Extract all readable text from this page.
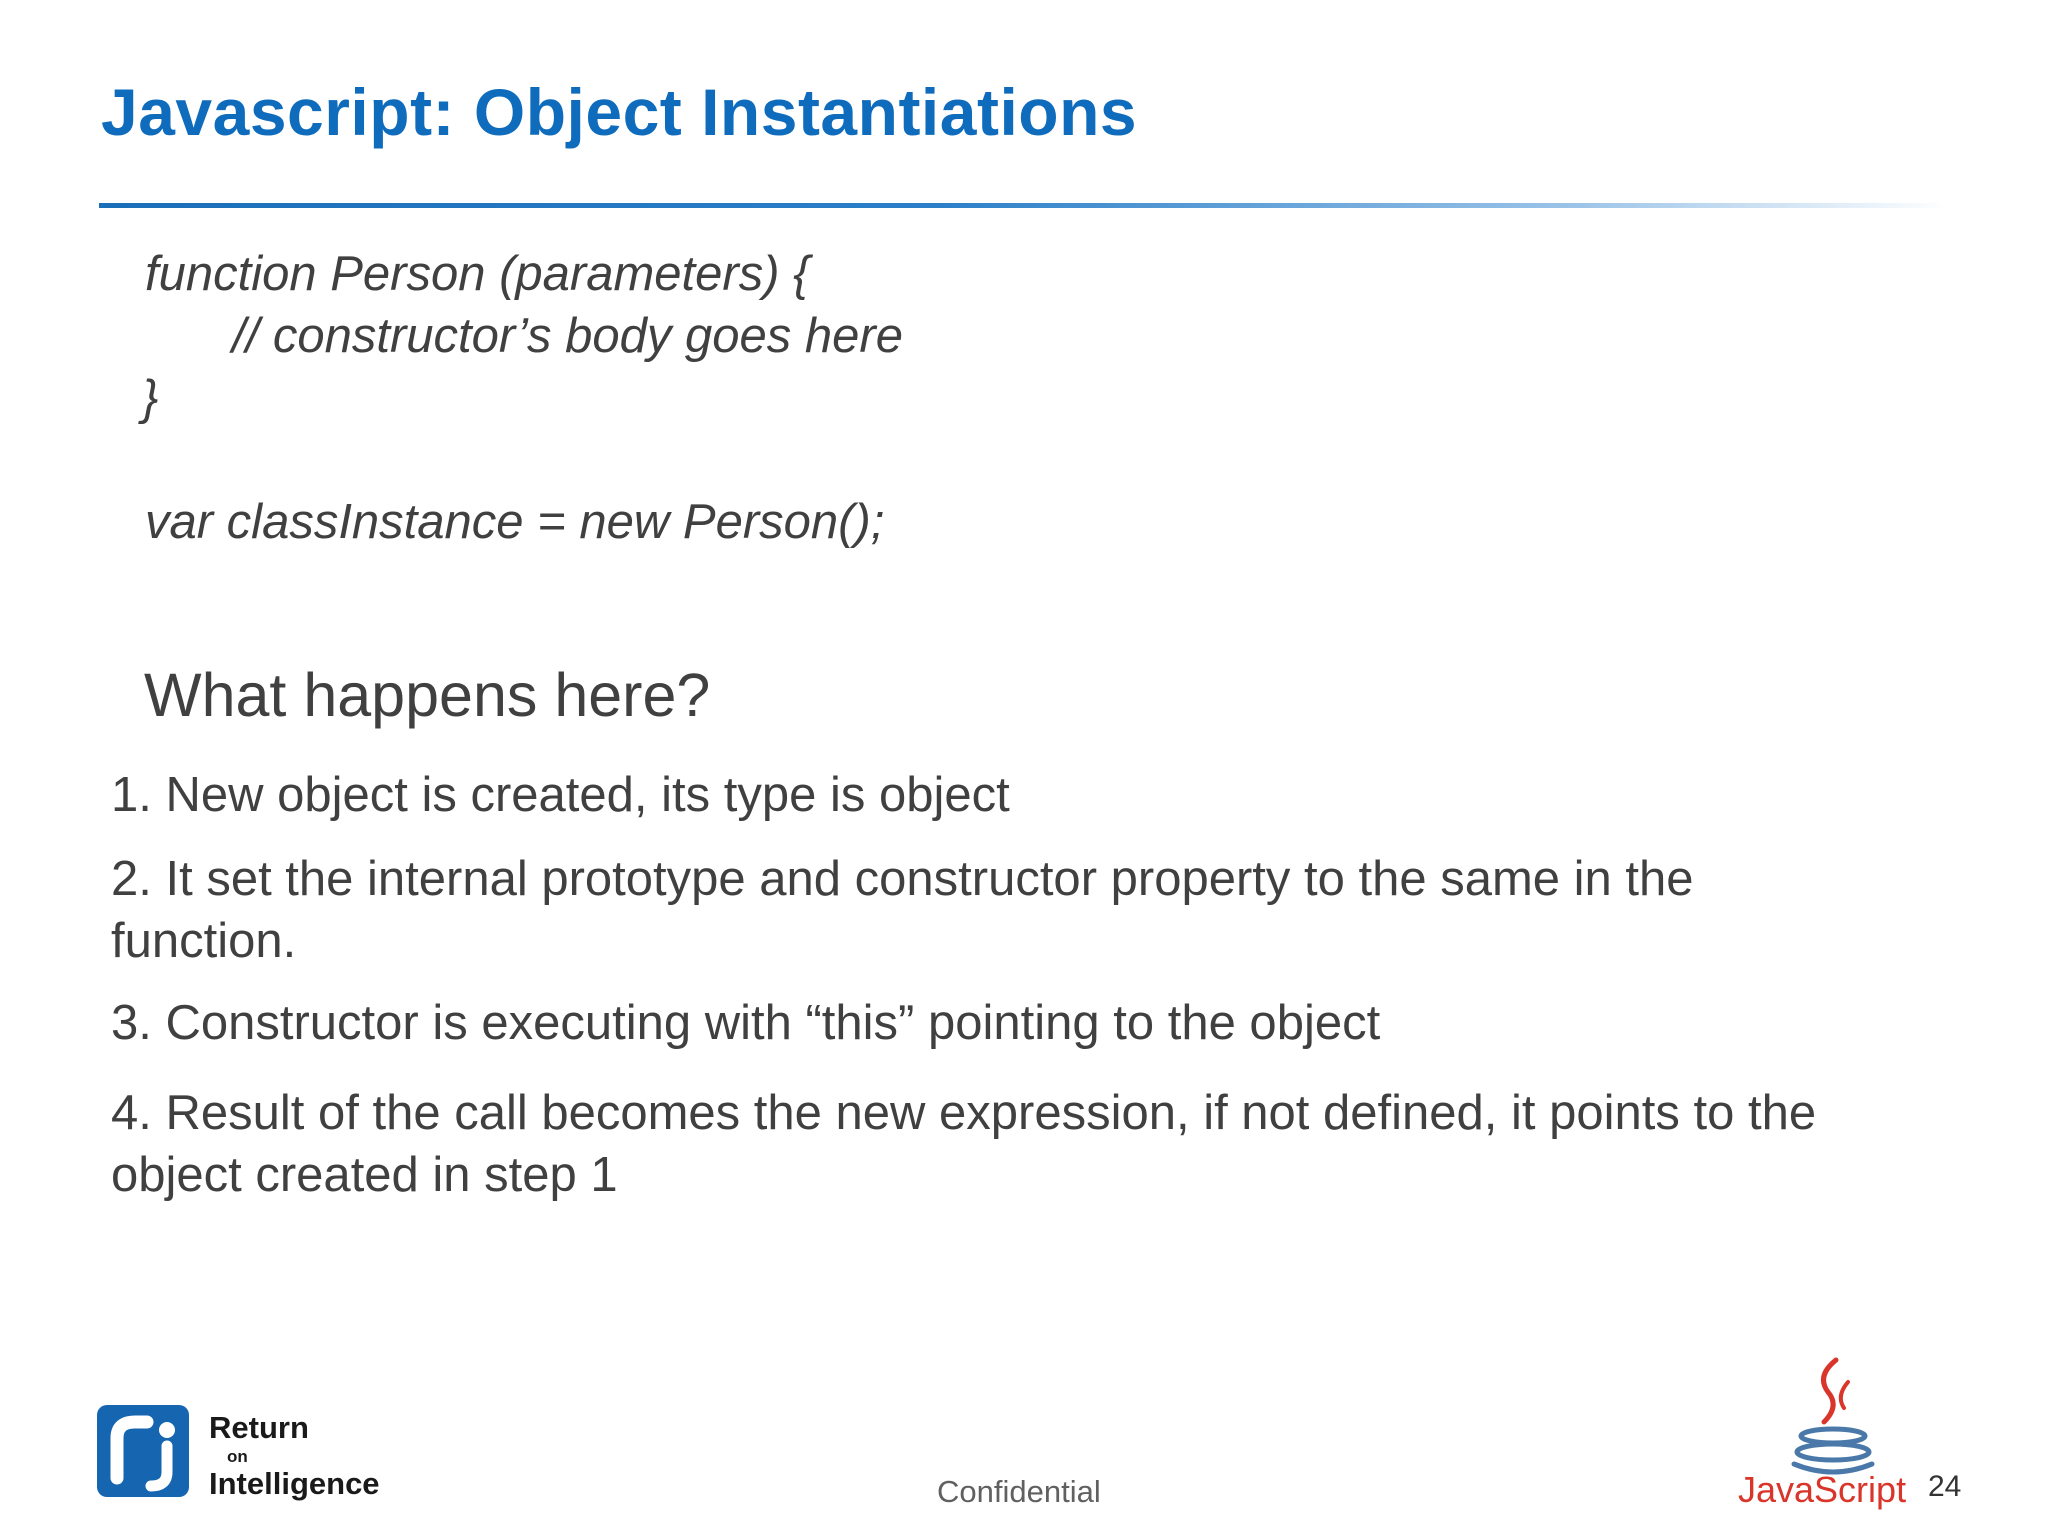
Javascript: Object Instantiations
function Person (parameters) {
// constructor’s body goes here
}
var classInstance = new Person();
What happens here?
1. New object is created, its type is object
2. It set the internal prototype and constructor property to the same in the function.
3. Constructor is executing with “this” pointing to the object
4. Result of the call becomes the new expression, if not defined, it points to the object created in step 1
Return
on
Intelligence	Confidential	JavaScript 24
